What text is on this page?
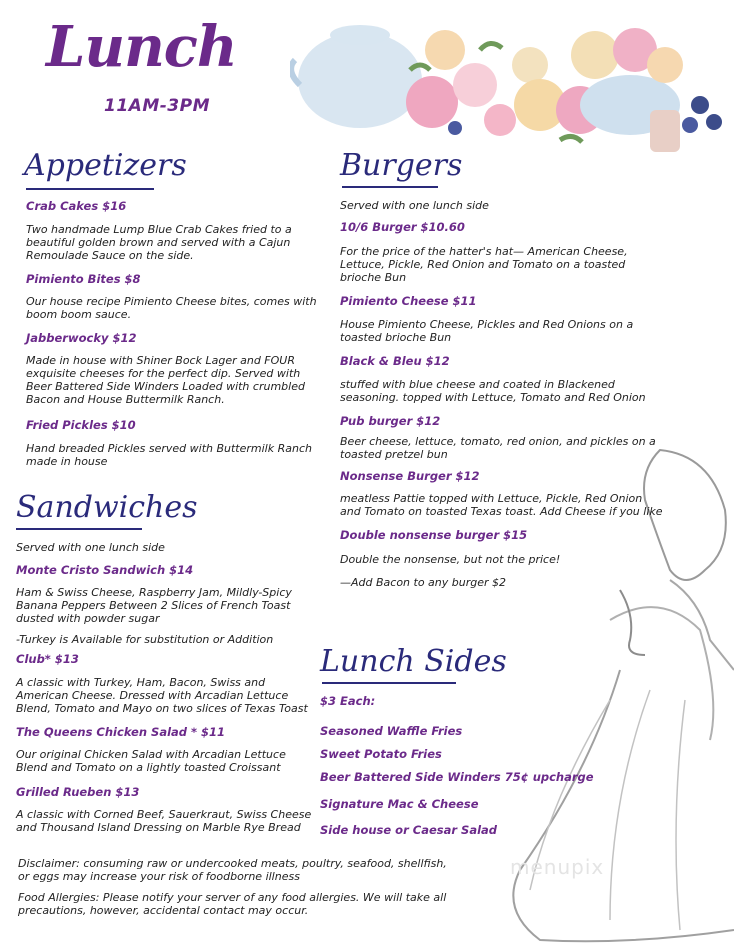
Lunch
11AM-3PM
Appetizers
Crab Cakes $16
Two handmade Lump Blue Crab Cakes fried to a beautiful golden brown and served with a Cajun Remoulade Sauce on the side.
Pimiento Bites $8
Our house recipe Pimiento Cheese bites, comes with boom boom sauce.
Jabberwocky $12
Made in house with Shiner Bock Lager and FOUR exquisite cheeses for the perfect dip. Served with Beer Battered Side Winders Loaded with crumbled Bacon and House Buttermilk Ranch.
Fried Pickles $10
Hand breaded Pickles served with Buttermilk Ranch made in house
Sandwiches
Served with one lunch side
Monte Cristo Sandwich $14
Ham & Swiss Cheese, Raspberry Jam, Mildly-Spicy Banana Peppers Between 2 Slices of French Toast dusted with powder sugar
-Turkey is Available for substitution or Addition
Club* $13
A classic with Turkey, Ham, Bacon, Swiss and American Cheese. Dressed with Arcadian Lettuce Blend, Tomato and Mayo on two slices of Texas Toast
The Queens Chicken Salad * $11
Our original Chicken Salad with Arcadian Lettuce Blend and Tomato on a lightly toasted Croissant
Grilled Rueben $13
A classic with Corned Beef, Sauerkraut, Swiss Cheese and Thousand Island Dressing on Marble Rye Bread
Burgers
Served with one lunch side
10/6 Burger $10.60
For the price of the hatter's hat— American Cheese, Lettuce, Pickle, Red Onion and Tomato on a toasted brioche Bun
Pimiento Cheese $11
House Pimiento Cheese, Pickles and Red Onions on a toasted brioche Bun
Black & Bleu $12
stuffed with blue cheese and coated in Blackened seasoning. topped with Lettuce, Tomato and Red Onion
Pub burger $12
Beer cheese, lettuce, tomato, red onion, and pickles on a toasted pretzel bun
Nonsense Burger $12
meatless Pattie topped with Lettuce, Pickle, Red Onion and Tomato on toasted Texas toast. Add Cheese if you like
Double nonsense burger $15
Double the nonsense, but not the price!
—Add Bacon to any burger $2
Lunch Sides
$3 Each:
Seasoned Waffle Fries
Sweet Potato Fries
Beer Battered Side Winders 75¢ upcharge
Signature Mac & Cheese
Side house or Caesar Salad
menupix
Disclaimer: consuming raw or undercooked meats, poultry, seafood, shellfish, or eggs may increase your risk of foodborne illness
Food Allergies: Please notify your server of any food allergies. We will take all precautions, however, accidental contact may occur.
